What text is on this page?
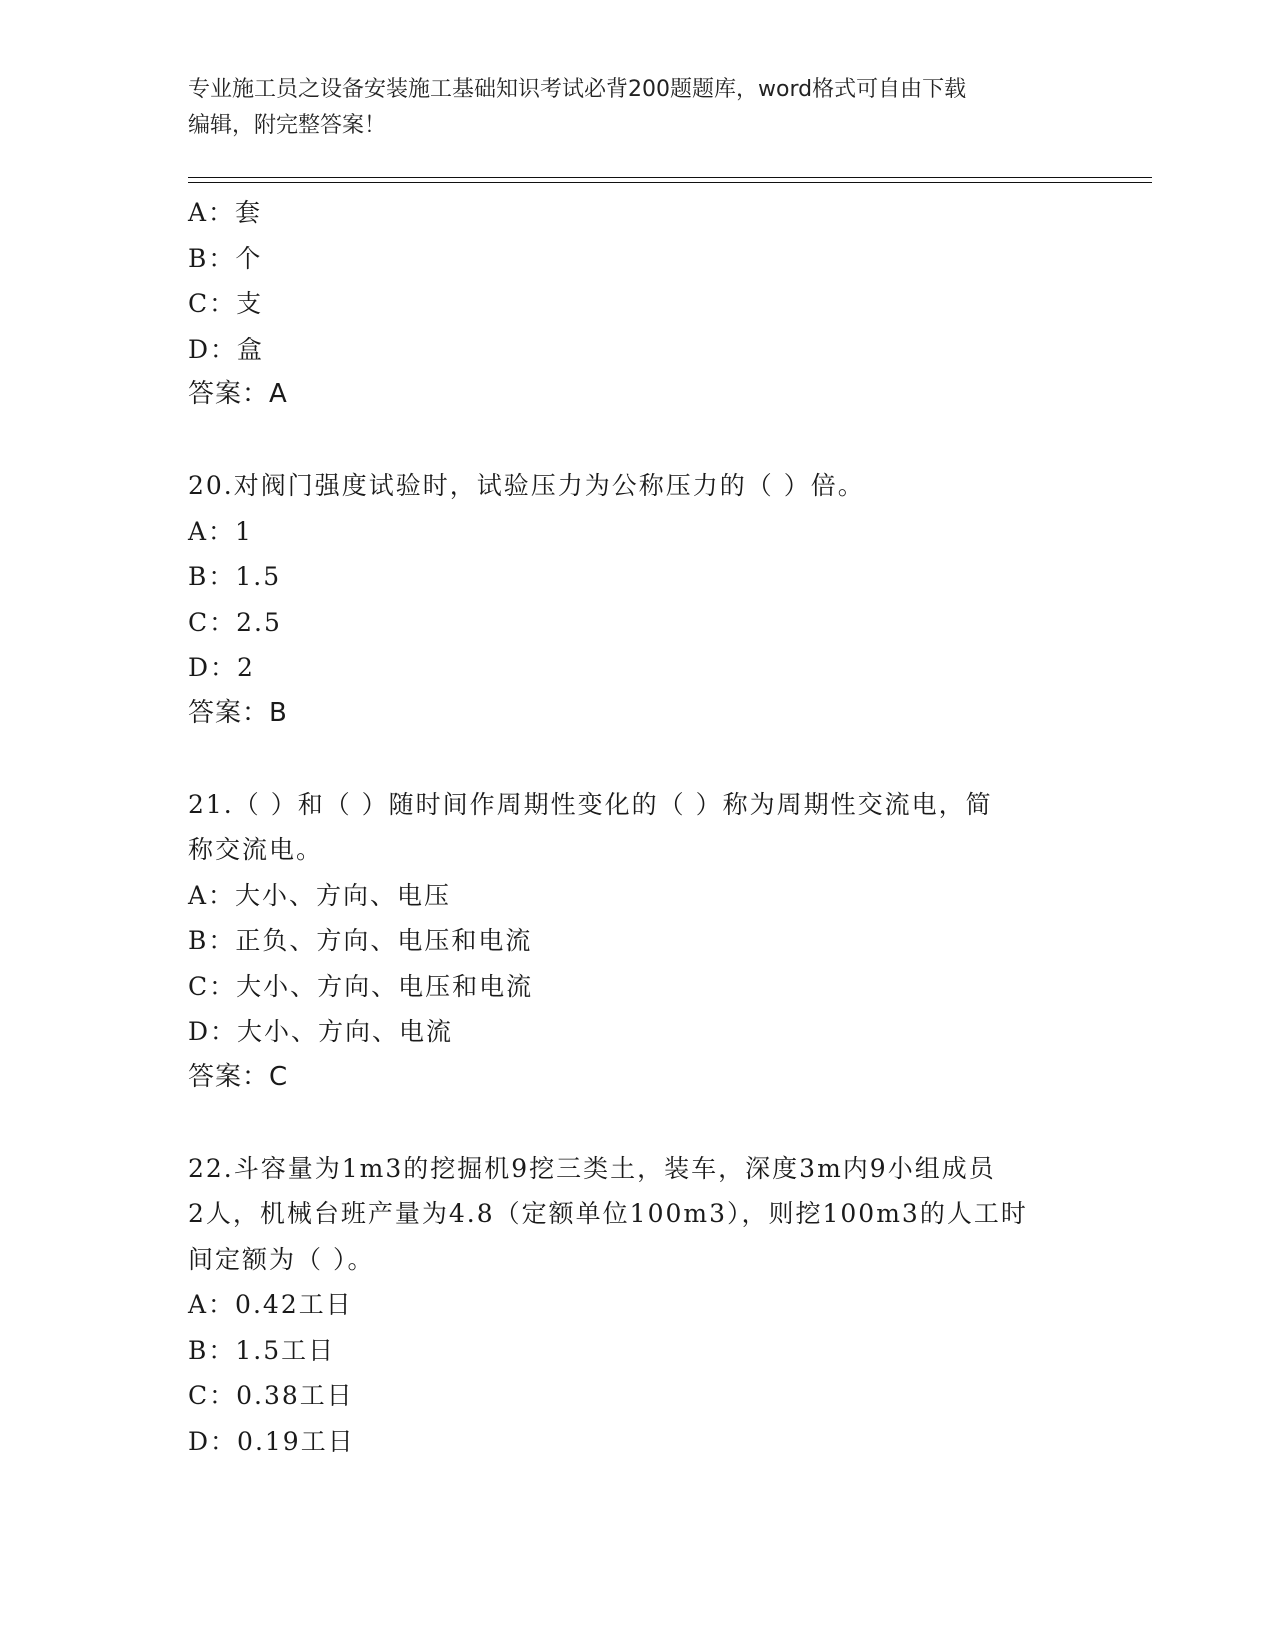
专业施工员之设备安装施工基础知识考试必背200题题库，word格式可自由下载
编辑，附完整答案！
A：套
B：个
C：支
D：盒
答案：A
20.对阀门强度试验时，试验压力为公称压力的（ ）倍。
A：1
B：1.5
C：2.5
D：2
答案：B
21.（ ）和（ ）随时间作周期性变化的（ ）称为周期性交流电，简
称交流电。
A：大小、方向、电压
B：正负、方向、电压和电流
C：大小、方向、电压和电流
D：大小、方向、电流
答案：C
22.斗容量为1m3的挖掘机9挖三类土，装车，深度3m内9小组成员
2人，机械台班产量为4.8（定额单位100m3），则挖100m3的人工时
间定额为（ ）。
A：0.42工日
B：1.5工日
C：0.38工日
D：0.19工日
